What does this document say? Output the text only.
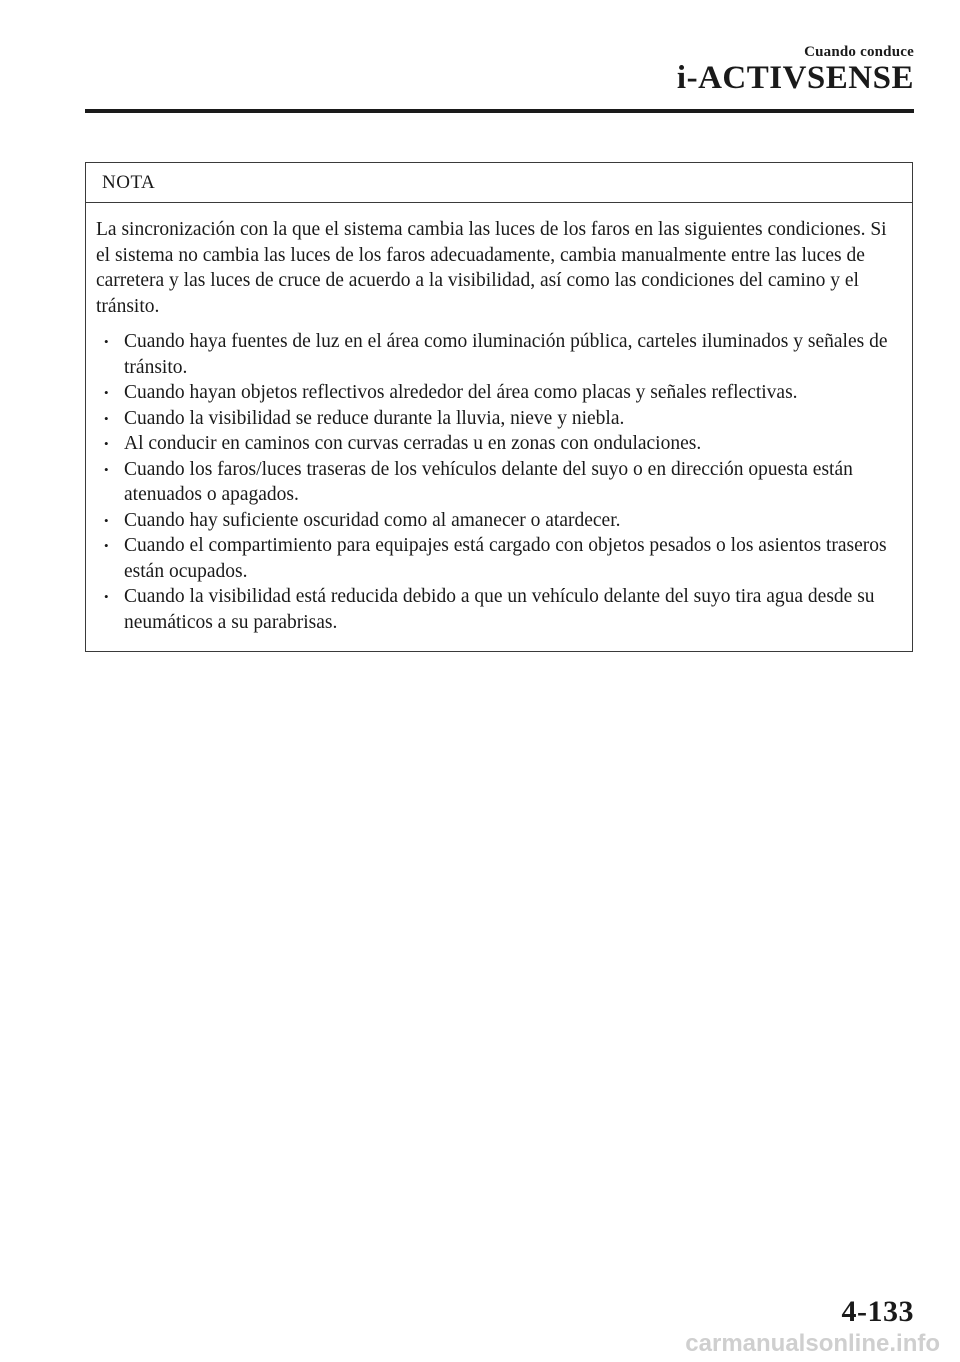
Cuando conduce
i-ACTIVSENSE
NOTA

La sincronización con la que el sistema cambia las luces de los faros en las siguientes condiciones. Si el sistema no cambia las luces de los faros adecuadamente, cambia manualmente entre las luces de carretera y las luces de cruce de acuerdo a la visibilidad, así como las condiciones del camino y el tránsito.

• Cuando haya fuentes de luz en el área como iluminación pública, carteles iluminados y señales de tránsito.
• Cuando hayan objetos reflectivos alrededor del área como placas y señales reflectivas.
• Cuando la visibilidad se reduce durante la lluvia, nieve y niebla.
• Al conducir en caminos con curvas cerradas u en zonas con ondulaciones.
• Cuando los faros/luces traseras de los vehículos delante del suyo o en dirección opuesta están atenuados o apagados.
• Cuando hay suficiente oscuridad como al amanecer o atardecer.
• Cuando el compartimiento para equipajes está cargado con objetos pesados o los asientos traseros están ocupados.
• Cuando la visibilidad está reducida debido a que un vehículo delante del suyo tira agua desde su neumáticos a su parabrisas.
4-133
carmanualsonline.info
